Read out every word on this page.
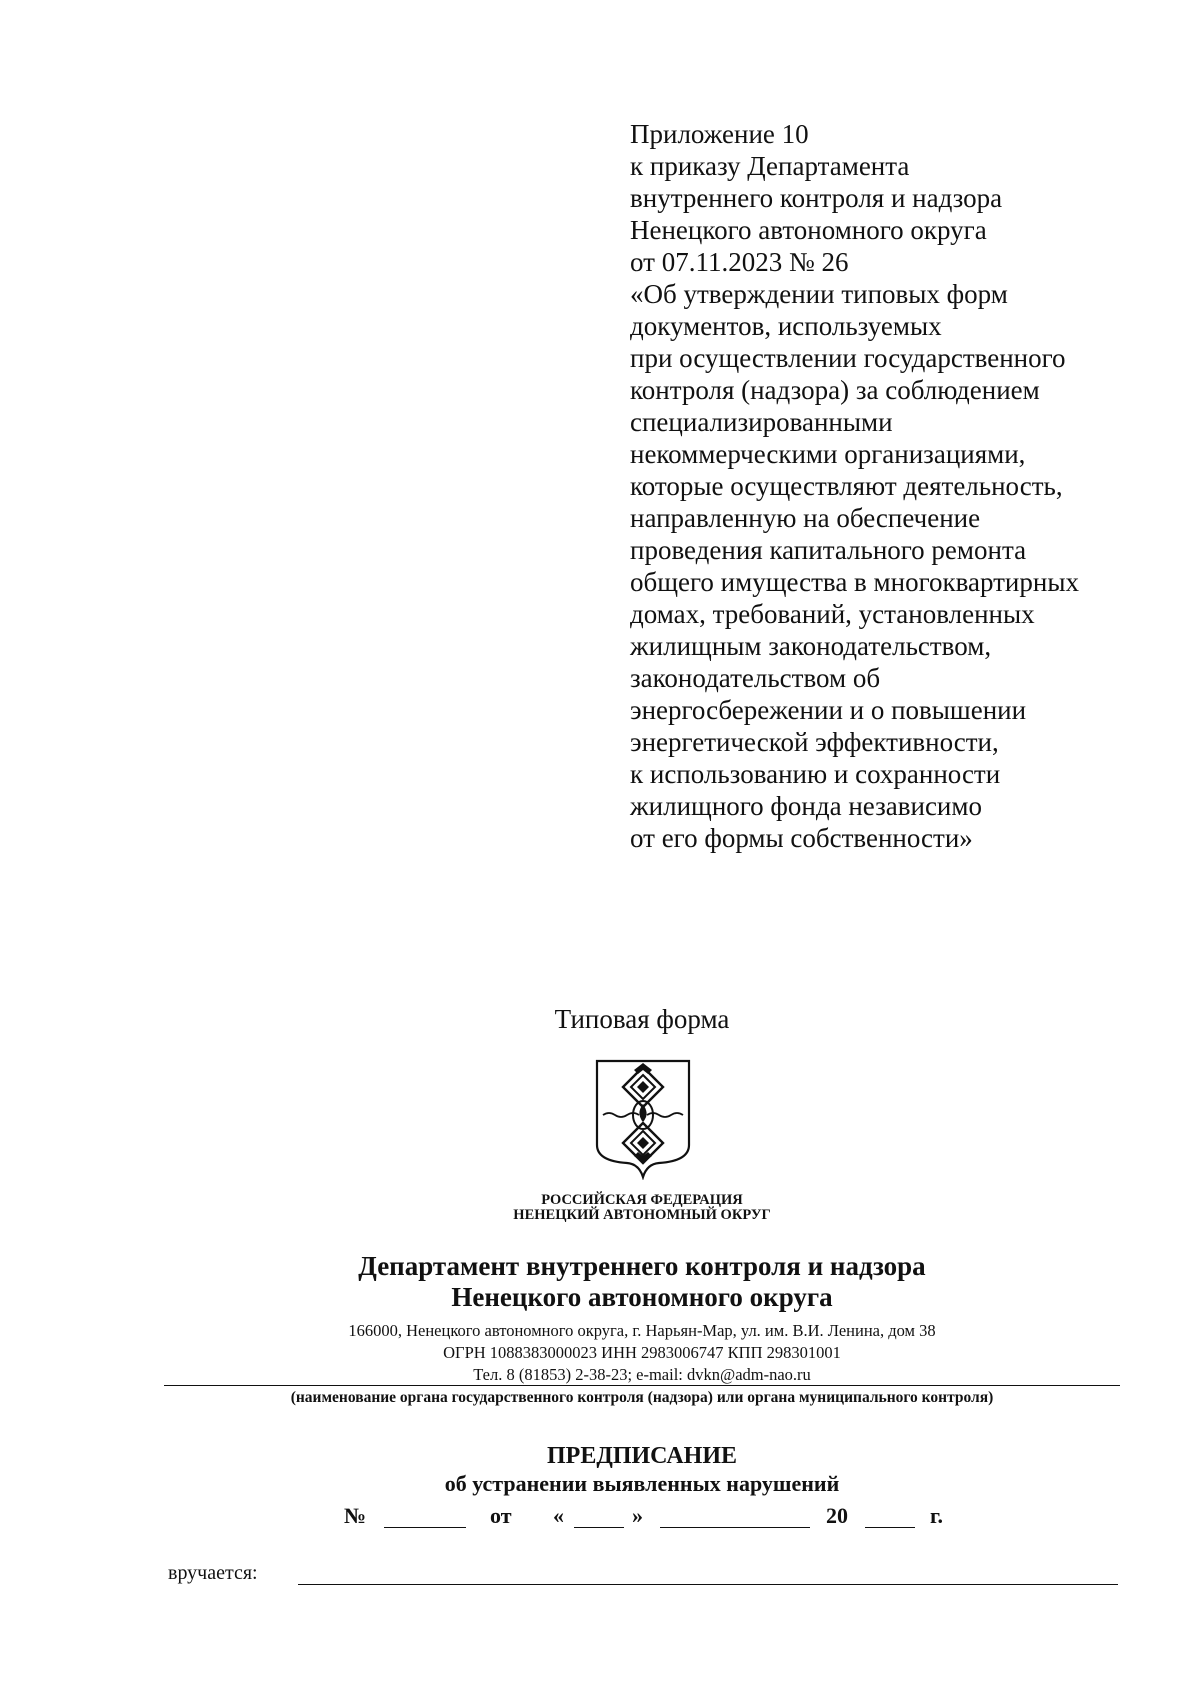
Приложение 10
к приказу Департамента
внутреннего контроля и надзора
Ненецкого автономного округа
от 07.11.2023 № 26
«Об утверждении типовых форм
документов, используемых
при осуществлении государственного
контроля (надзора) за соблюдением
специализированными
некоммерческими организациями,
которые осуществляют деятельность,
направленную на обеспечение
проведения капитального ремонта
общего имущества в многоквартирных
домах, требований, установленных
жилищным законодательством,
законодательством об
энергосбережении и о повышении
энергетической эффективности,
к использованию и сохранности
жилищного фонда независимо
от его формы собственности»
Типовая форма
РОССИЙСКАЯ ФЕДЕРАЦИЯ
НЕНЕЦКИЙ АВТОНОМНЫЙ ОКРУГ
Департамент внутреннего контроля и надзора
Ненецкого автономного округа
166000, Ненецкого автономного округа, г. Нарьян-Мар, ул. им. В.И. Ленина, дом 38
ОГРН 1088383000023 ИНН 2983006747 КПП 298301001
Тел. 8 (81853) 2-38-23; e-mail: dvkn@adm-nao.ru
(наименование органа государственного контроля (надзора) или органа муниципального контроля)
ПРЕДПИСАНИЕ
об устранении выявленных нарушений
№	от «	»	20	г.
вручается:
